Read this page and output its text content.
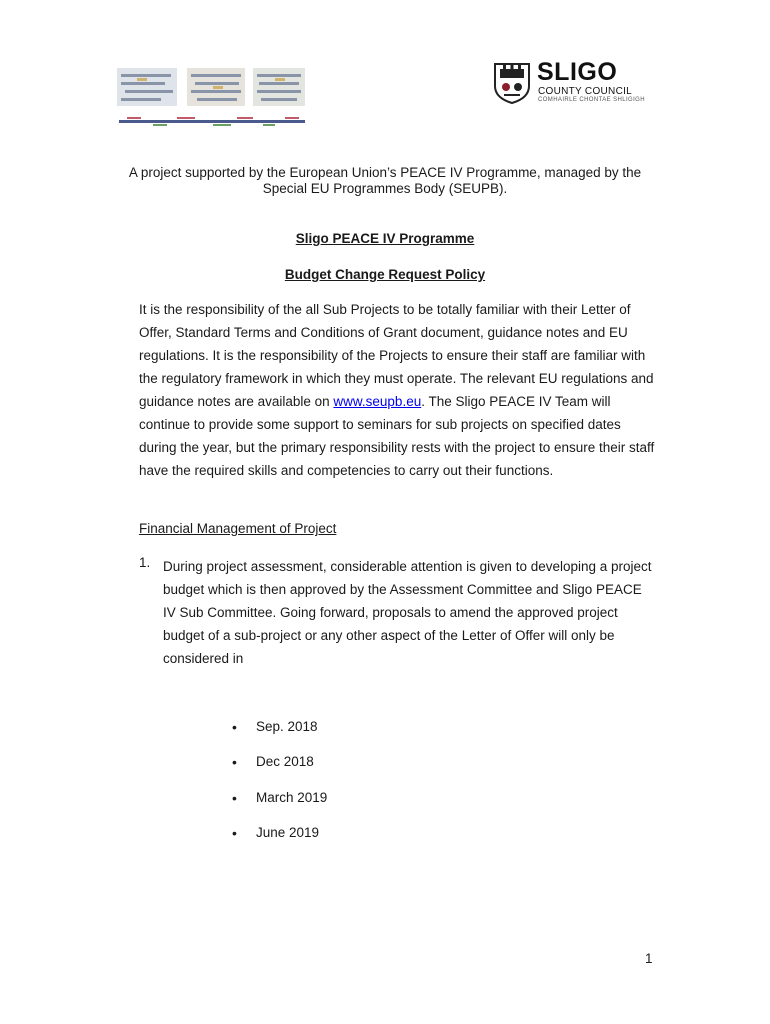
SLIGO
COUNTY COUNCIL
COMHAIRLE CHONTAE SHLIGIGH
A project supported by the European Union’s PEACE IV Programme, managed by the Special EU Programmes Body (SEUPB).
Sligo PEACE IV Programme
Budget Change Request Policy
It is the responsibility of the all Sub Projects to be totally familiar with their Letter of Offer, Standard Terms and Conditions of Grant document, guidance notes and EU regulations. It is the responsibility of the Projects to ensure their staff are familiar with the regulatory framework in which they must operate. The relevant EU regulations and guidance notes are available on www.seupb.eu. The Sligo PEACE IV Team will continue to provide some support to seminars for sub projects on specified dates during the year, but the primary responsibility rests with the project to ensure their staff have the required skills and competencies to carry out their functions.
Financial Management of Project
1. During project assessment, considerable attention is given to developing a project budget which is then approved by the Assessment Committee and Sligo PEACE IV Sub Committee. Going forward, proposals to amend the approved project budget of a sub-project or any other aspect of the Letter of Offer will only be considered in
• Sep. 2018
• Dec 2018
• March 2019
• June 2019
1
